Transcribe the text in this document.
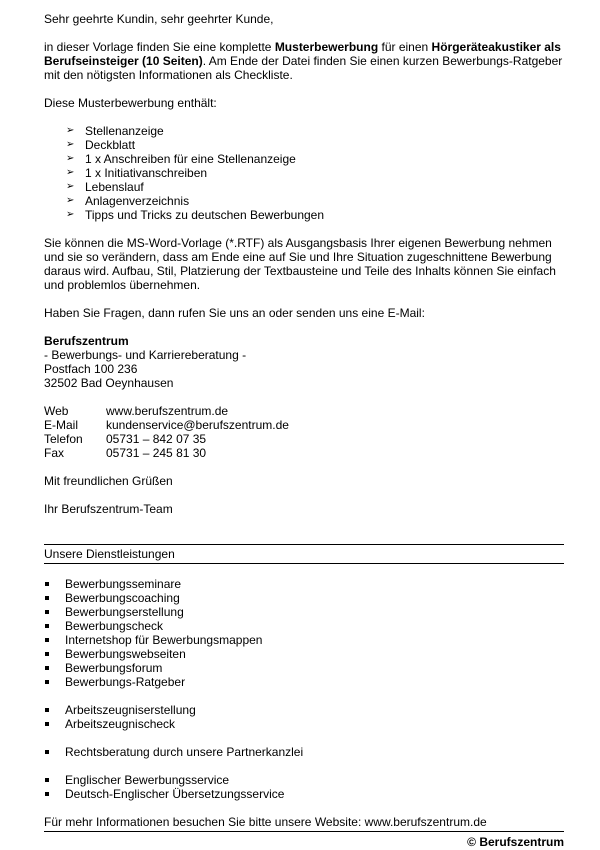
Sehr geehrte Kundin, sehr geehrter Kunde,

in dieser Vorlage finden Sie eine komplette Musterbewerbung für einen Hörgeräteakustiker als Berufseinsteiger (10 Seiten). Am Ende der Datei finden Sie einen kurzen Bewerbungs-Ratgeber mit den nötigsten Informationen als Checkliste.

Diese Musterbewerbung enthält:

➢ Stellenanzeige
➢ Deckblatt
➢ 1 x Anschreiben für eine Stellenanzeige
➢ 1 x Initiativanschreiben
➢ Lebenslauf
➢ Anlagenverzeichnis
➢ Tipps und Tricks zu deutschen Bewerbungen

Sie können die MS-Word-Vorlage (*.RTF) als Ausgangsbasis Ihrer eigenen Bewerbung nehmen und sie so verändern, dass am Ende eine auf Sie und Ihre Situation zugeschnittene Bewerbung daraus wird. Aufbau, Stil, Platzierung der Textbausteine und Teile des Inhalts können Sie einfach und problemlos übernehmen.

Haben Sie Fragen, dann rufen Sie uns an oder senden uns eine E-Mail:

Berufszentrum

- Bewerbungs- und Karriereberatung -

Postfach 100 236

32502 Bad Oeynhausen

Web	www.berufszentrum.de
E-Mail	kundenservice@berufszentrum.de
Telefon	05731 – 842 07 35
Fax	05731 – 245 81 30

Mit freundlichen Grüßen

Ihr Berufszentrum-Team

Unsere Dienstleistungen

Bewerbungsseminare
Bewerbungscoaching
Bewerbungserstellung
Bewerbungscheck
Internetshop für Bewerbungsmappen
Bewerbungswebseiten
Bewerbungsforum
Bewerbungs-Ratgeber
Arbeitszeugniserstellung
Arbeitszeugnischeck
Rechtsberatung durch unsere Partnerkanzlei
Englischer Bewerbungsservice
Deutsch-Englischer Übersetzungsservice

Für mehr Informationen besuchen Sie bitte unsere Website: www.berufszentrum.de

© Berufszentrum
